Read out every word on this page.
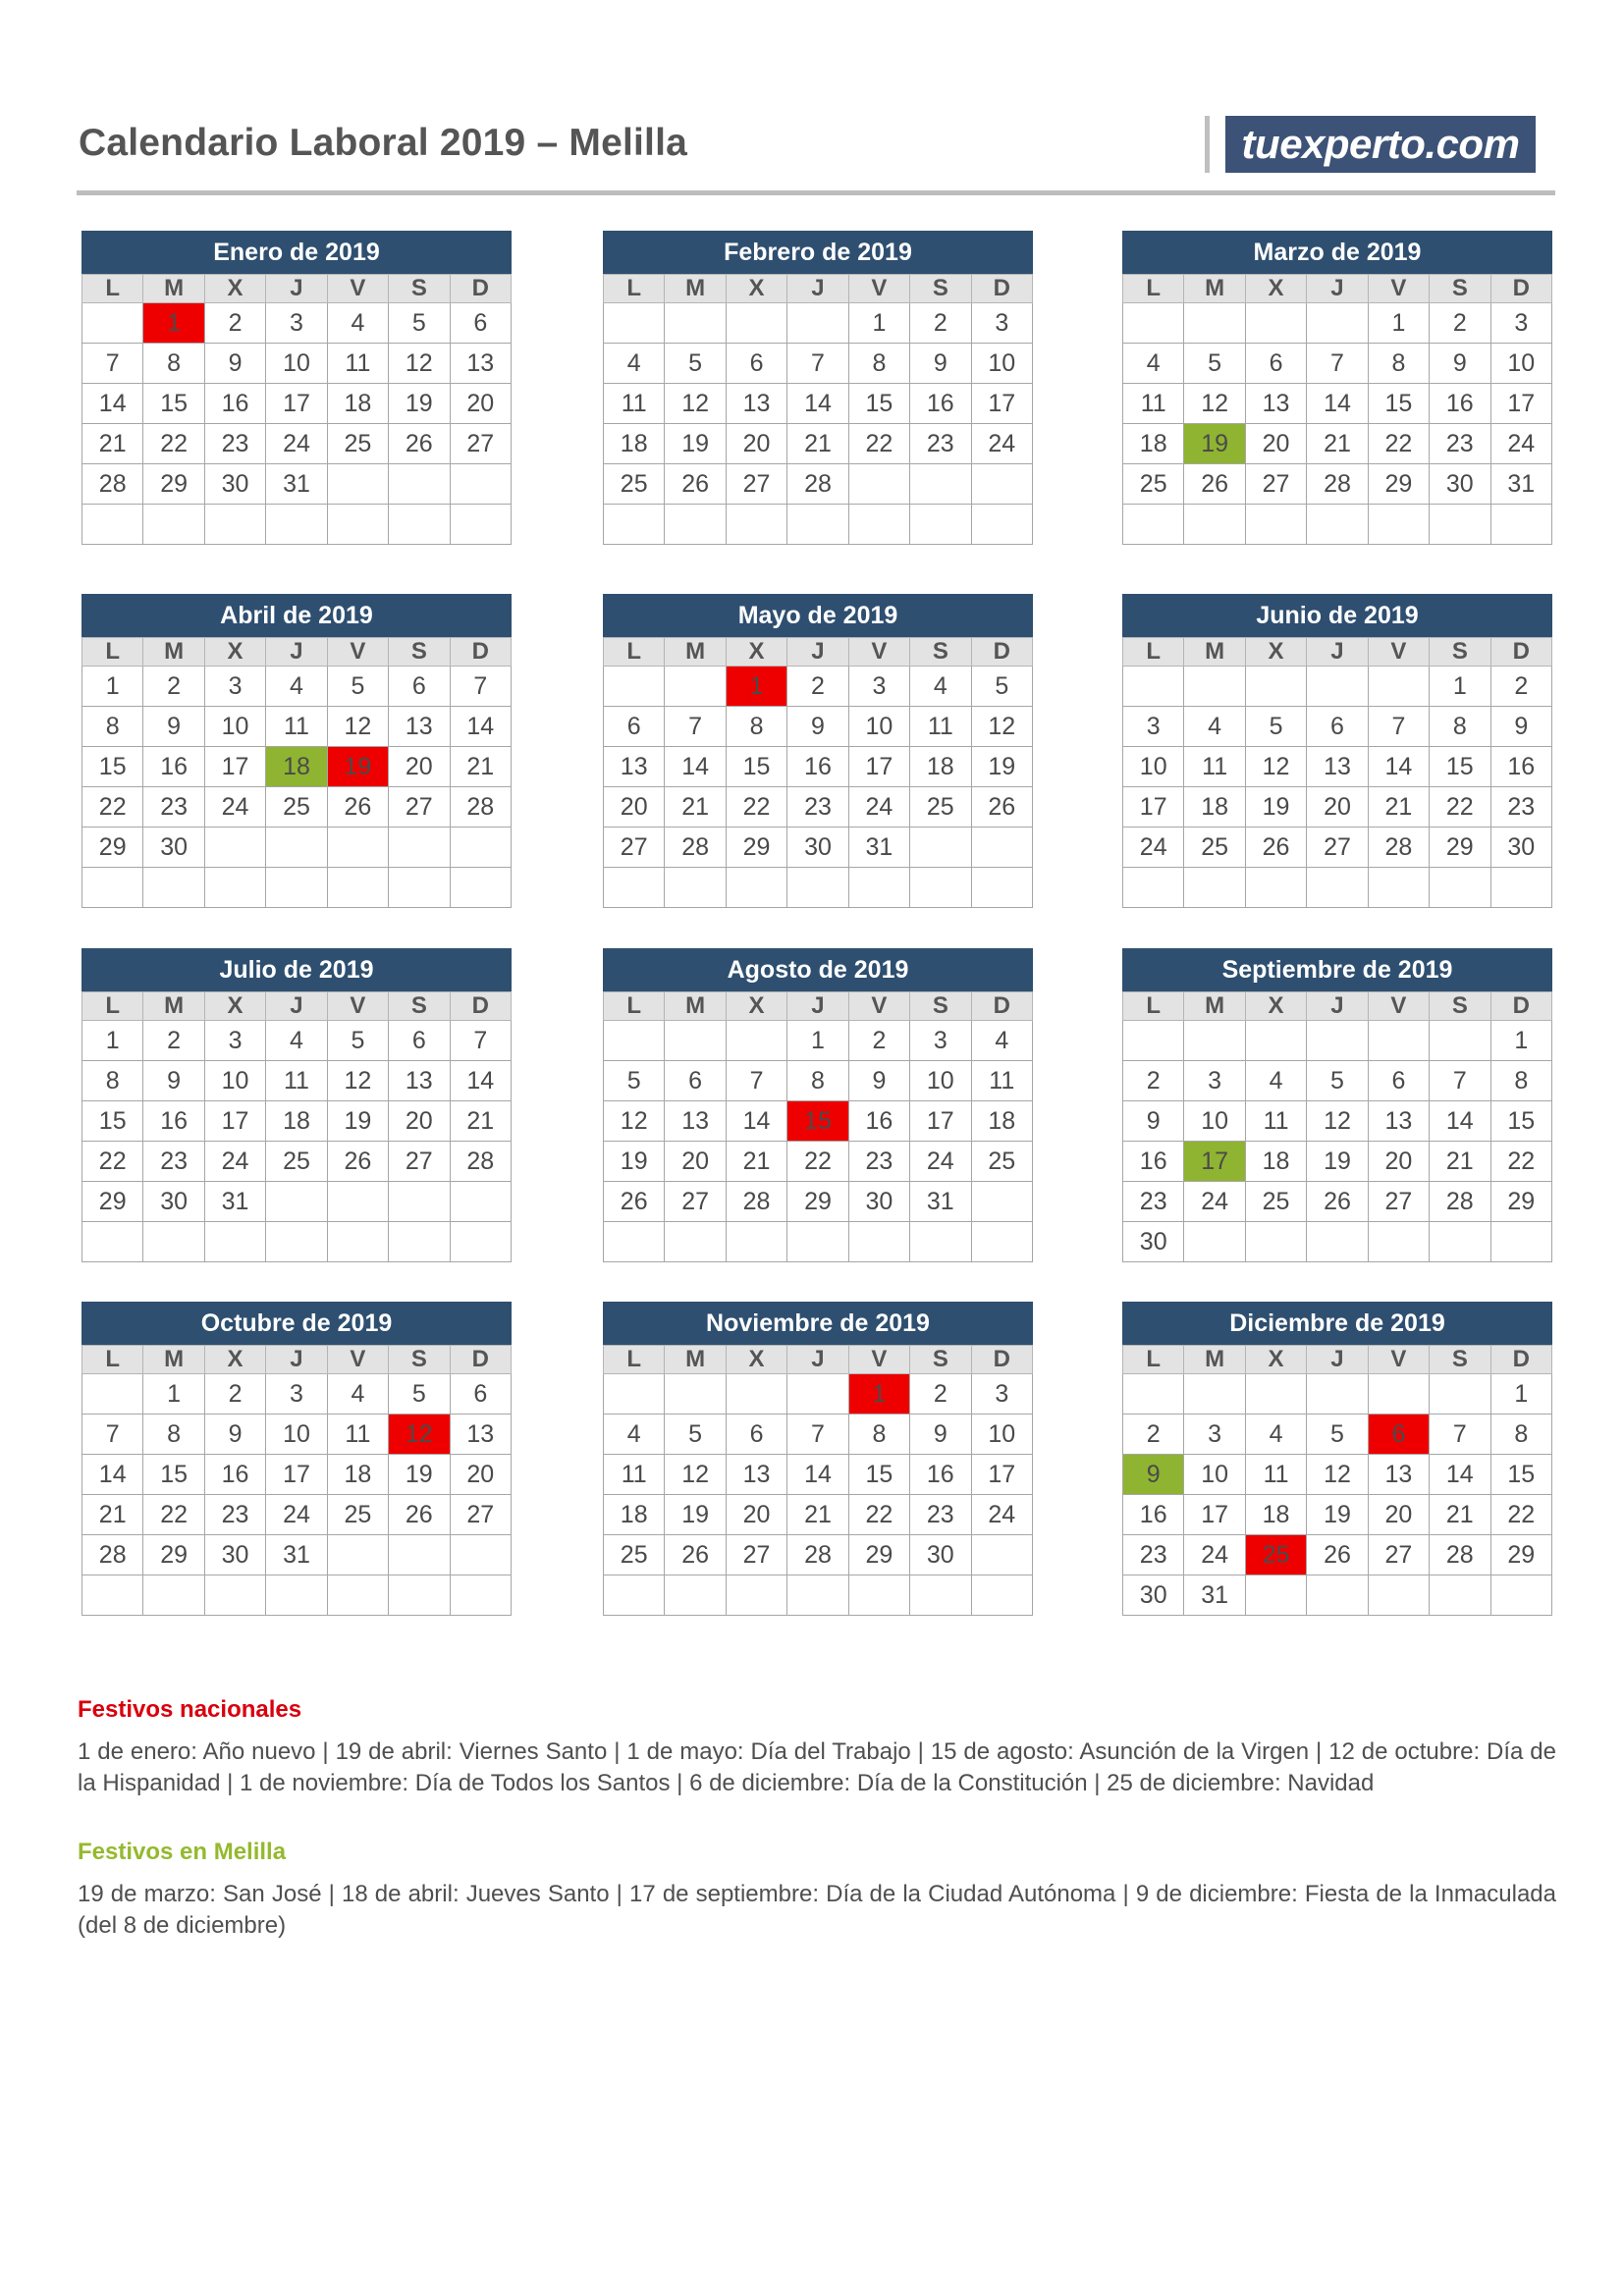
Calendario Laboral 2019 – Melilla	tuexperto.com
Enero de 2019
L	M	X	J	V	S	D
	1	2	3	4	5	6
7	8	9	10	11	12	13
14	15	16	17	18	19	20
21	22	23	24	25	26	27
28	29	30	31			

Febrero de 2019
L	M	X	J	V	S	D
				1	2	3
4	5	6	7	8	9	10
11	12	13	14	15	16	17
18	19	20	21	22	23	24
25	26	27	28			

Marzo de 2019
L	M	X	J	V	S	D
				1	2	3
4	5	6	7	8	9	10
11	12	13	14	15	16	17
18	19	20	21	22	23	24
25	26	27	28	29	30	31

Abril de 2019
L	M	X	J	V	S	D
1	2	3	4	5	6	7
8	9	10	11	12	13	14
15	16	17	18	19	20	21
22	23	24	25	26	27	28
29	30					

Mayo de 2019
L	M	X	J	V	S	D
		1	2	3	4	5
6	7	8	9	10	11	12
13	14	15	16	17	18	19
20	21	22	23	24	25	26
27	28	29	30	31		

Junio de 2019
L	M	X	J	V	S	D
					1	2
3	4	5	6	7	8	9
10	11	12	13	14	15	16
17	18	19	20	21	22	23
24	25	26	27	28	29	30

Julio de 2019
L	M	X	J	V	S	D
1	2	3	4	5	6	7
8	9	10	11	12	13	14
15	16	17	18	19	20	21
22	23	24	25	26	27	28
29	30	31				

Agosto de 2019
L	M	X	J	V	S	D
			1	2	3	4
5	6	7	8	9	10	11
12	13	14	15	16	17	18
19	20	21	22	23	24	25
26	27	28	29	30	31	

Septiembre de 2019
L	M	X	J	V	S	D
						1
2	3	4	5	6	7	8
9	10	11	12	13	14	15
16	17	18	19	20	21	22
23	24	25	26	27	28	29
30						
Octubre de 2019
L	M	X	J	V	S	D
	1	2	3	4	5	6
7	8	9	10	11	12	13
14	15	16	17	18	19	20
21	22	23	24	25	26	27
28	29	30	31			

Noviembre de 2019
L	M	X	J	V	S	D
				1	2	3
4	5	6	7	8	9	10
11	12	13	14	15	16	17
18	19	20	21	22	23	24
25	26	27	28	29	30	

Diciembre de 2019
L	M	X	J	V	S	D
						1
2	3	4	5	6	7	8
9	10	11	12	13	14	15
16	17	18	19	20	21	22
23	24	25	26	27	28	29
30	31					
Festivos nacionales

1 de enero: Año nuevo | 19 de abril: Viernes Santo | 1 de mayo: Día del Trabajo | 15 de agosto: Asunción de la Virgen | 12 de octubre: Día de la Hispanidad | 1 de noviembre: Día de Todos los Santos | 6 de diciembre: Día de la Constitución | 25 de diciembre: Navidad

Festivos en Melilla

19 de marzo: San José | 18 de abril: Jueves Santo | 17 de septiembre: Día de la Ciudad Autónoma | 9 de diciembre: Fiesta de la Inmaculada (del 8 de diciembre)
